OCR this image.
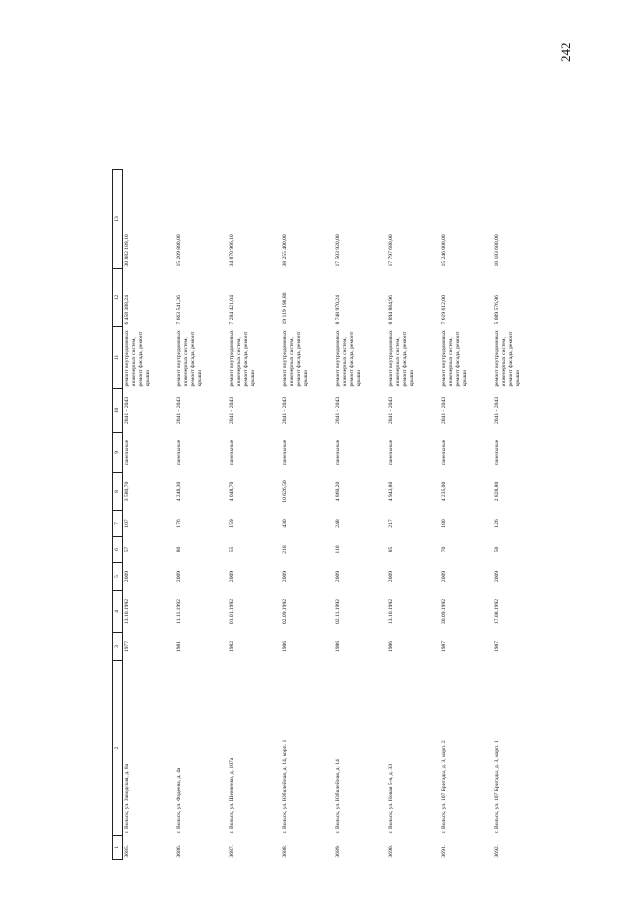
242
1	2	3	4	5	6	7	8	9	10	11	12	13
3685.	г. Вольск, ул. Заводская, д. 8а	1977	13.10.1992	2009	57	107	3 580,70	панельные	2041 - 2043	ремонт внутридомовых инженерных систем, ремонт фасада, ремонт крыши	6 458 388,24	30 882 189,10
3686.	г. Вольск, ул. Фадеева, д. 4а	1981	11.11.1992	2009	80	176	4 248,30	панельные	2041 - 2043	ремонт внутридомовых инженерных систем, ремонт фасада, ремонт крыши	7 663 541,36	15 209 880,00
3687.	г. Вольск, ул. Шевченко, д. 107а	1982	01.01.1992	2009	55	159	4 048,70	панельные	2041 - 2043	ремонт внутридомовых инженерных систем, ремонт фасада, ремонт крыши	7 284 421,04	34 870 966,10
3688.	г. Вольск, ул. Юбилейная, д. 14, корп. 1	1986	02.09.1992	2009	218	430	10 626,50	панельные	2041 - 2043	ремонт внутридомовых инженерных систем, ремонт фасада, ремонт крыши	19 119 198,80	38 255 400,00
3689.	г. Вольск, ул. Юбилейная, д. 14	1986	02.11.1992	2009	110	248	4 860,20	панельные	2041 - 2043	ремонт внутридомовых инженерных систем, ремонт фасада, ремонт крыши	8 748 970,24	17 503 920,00
3690.	г. Вольск, ул. Новая 5-я, д. 33	1986	13.10.1992	2009	85	217	4 943,80	панельные	2041 - 2043	ремонт внутридомовых инженерных систем, ремонт фасада, ремонт крыши	8 894 884,96	17 797 680,00
3691.	г. Вольск, ул. 107 Бригады, д. 3, корп. 2	1987	30.09.1992	2009	70	180	4 235,00	панельные	2041 - 2043	ремонт внутридомовых инженерных систем, ремонт фасада, ремонт крыши	7 619 612,00	15 246 000,00
3692.	г. Вольск, ул. 107 Бригады, д. 3, корп. 1	1987	17.08.1992	2009	50	126	2 828,80	панельные	2041 - 2043	ремонт внутридомовых инженерных систем, ремонт фасада, ремонт крыши	5 089 576,96	10 183 680,00
